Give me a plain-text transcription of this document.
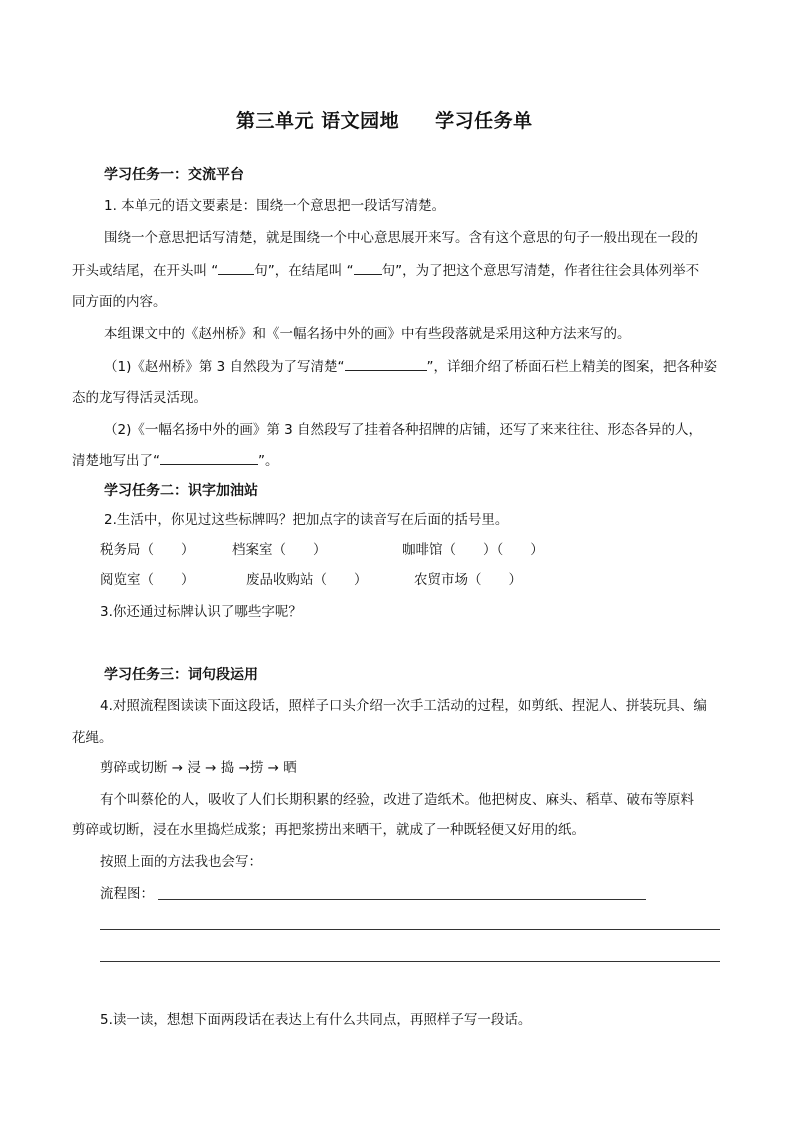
第三单元 语文园地 学习任务单
学习任务一：交流平台
1. 本单元的语文要素是：围绕一个意思把一段话写清楚。
围绕一个意思把话写清楚，就是围绕一个中心意思展开来写。含有这个意思的句子一般出现在一段的
开头或结尾，在开头叫 “	句”，在结尾叫 “ 句”，为了把这个意思写清楚，作者往往会具体列举不
同方面的内容。
本组课文中的《赵州桥》和《一幅名扬中外的画》中有些段落就是采用这种方法来写的。
（1)《赵州桥》第 3 自然段为了写清楚“	”，详细介绍了桥面石栏上精美的图案，把各种姿
态的龙写得活灵活现。
（2)《一幅名扬中外的画》第 3 自然段写了挂着各种招牌的店铺，还写了来来往往、形态各异的人，
清楚地写出了“	”。
学习任务二：识字加油站
2.生活中，你见过这些标牌吗？把加点字的读音写在后面的括号里。
税务局（　　）	档案室（　　）	咖啡馆（　　）（　　）
阅览室（　　）	废品收购站（　　）	农贸市场（　　）
3.你还通过标牌认识了哪些字呢？
学习任务三：词句段运用
4.对照流程图读读下面这段话，照样子口头介绍一次手工活动的过程，如剪纸、捏泥人、拼装玩具、编
花绳。
剪碎或切断 → 浸 → 捣 →捞 → 晒
有个叫蔡伦的人，吸收了人们长期积累的经验，改进了造纸术。他把树皮、麻头、稻草、破布等原料
剪碎或切断，浸在水里捣烂成浆；再把浆捞出来晒干，就成了一种既轻便又好用的纸。
按照上面的方法我也会写：
流程图：
5.读一读，想想下面两段话在表达上有什么共同点，再照样子写一段话。
